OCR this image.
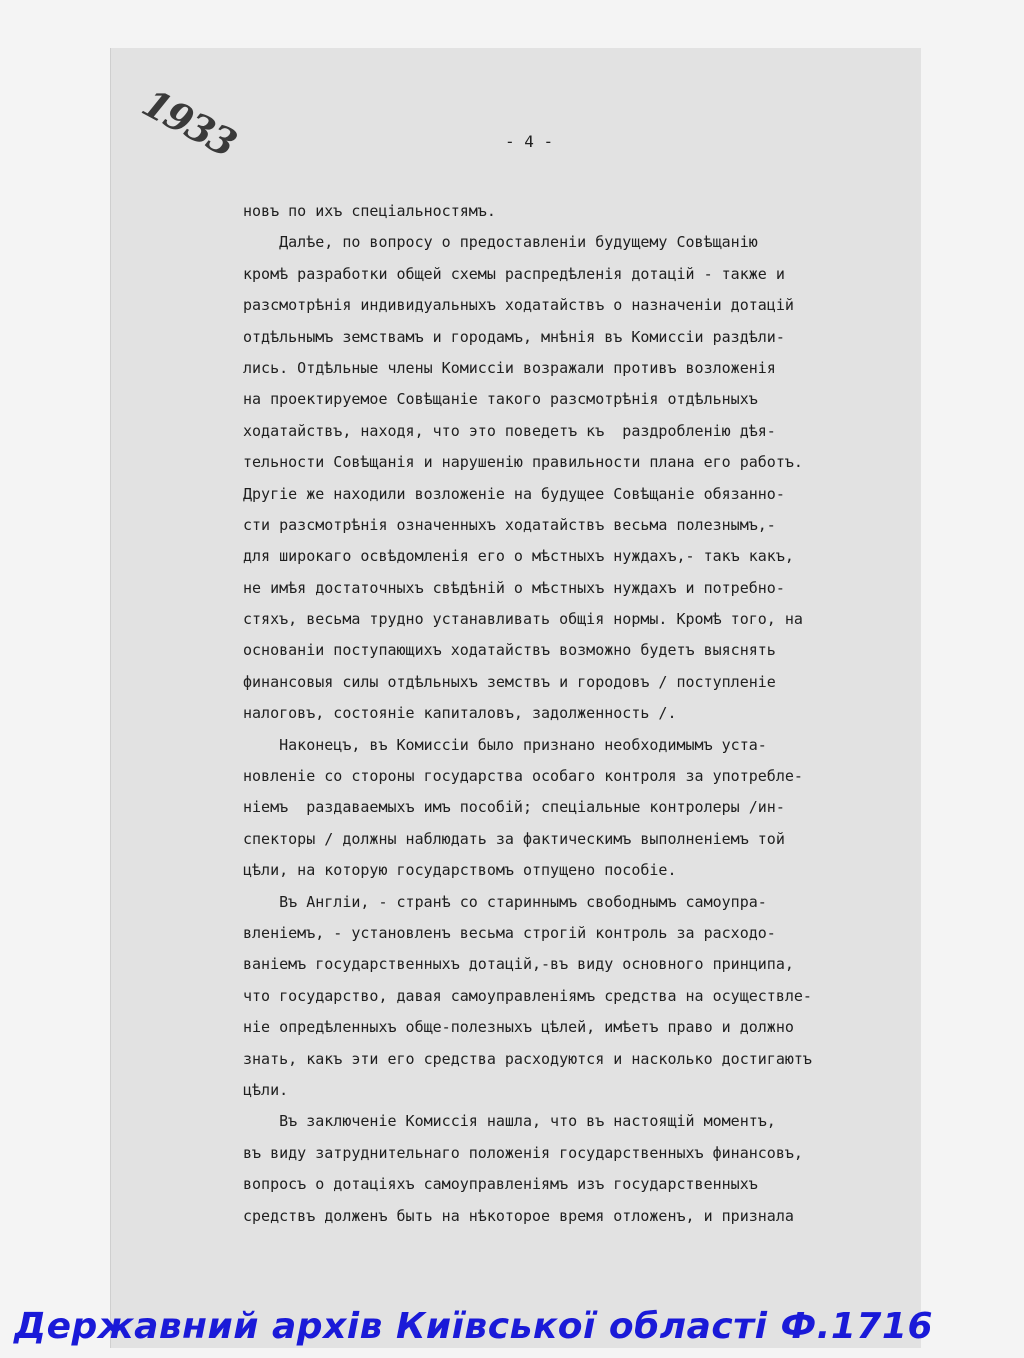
1933	- 4 -
новъ по ихъ спеціальностямъ.
Далѣе, по вопросу о предоставленіи будущему Совѣщанію
кромѣ разработки общей схемы распредѣленія дотацій - также и
разсмотрѣнія индивидуальныхъ ходатайствъ о назначеніи дотацій
отдѣльнымъ земствамъ и городамъ, мнѣнія въ Комиссіи раздѣли-
лись. Отдѣльные члены Комиссіи возражали противъ возложенія
на проектируемое Совѣщаніе такого разсмотрѣнія отдѣльныхъ
ходатайствъ, находя, что это поведетъ къ  раздробленію дѣя-
тельности Совѣщанія и нарушенію правильности плана его работъ.
Другіе же находили возложеніе на будущее Совѣщаніе обязанно-
сти разсмотрѣнія означенныхъ ходатайствъ весьма полезнымъ,-
для широкаго освѣдомленія его о мѣстныхъ нуждахъ,- такъ какъ,
не имѣя достаточныхъ свѣдѣній о мѣстныхъ нуждахъ и потребно-
стяхъ, весьма трудно устанавливать общія нормы. Кромѣ того, на
основаніи поступающихъ ходатайствъ возможно будетъ выяснять
финансовыя силы отдѣльныхъ земствъ и городовъ / поступленіе
налоговъ, состояніе капиталовъ, задолженность /.
Наконецъ, въ Комиссіи было признано необходимымъ уста-
новленіе со стороны государства особаго контроля за употребле-
ніемъ  раздаваемыхъ имъ пособій; спеціальные контролеры /ин-
спекторы / должны наблюдать за фактическимъ выполненіемъ той
цѣли, на которую государствомъ отпущено пособіе.
Въ Англіи, - странѣ со стариннымъ свободнымъ самоупра-
вленіемъ, - установленъ весьма строгій контроль за расходо-
ваніемъ государственныхъ дотацій,-въ виду основного принципа,
что государство, давая самоуправленіямъ средства на осуществле-
ніе опредѣленныхъ обще-полезныхъ цѣлей, имѣетъ право и должно
знать, какъ эти его средства расходуются и насколько достигаютъ
цѣли.
Въ заключеніе Комиссія нашла, что въ настоящій моментъ,
въ виду затруднительнаго положенія государственныхъ финансовъ,
вопросъ о дотаціяхъ самоуправленіямъ изъ государственныхъ
средствъ долженъ быть на нѣкоторое время отложенъ, и признала
Державний архів Київської області Ф.1716
